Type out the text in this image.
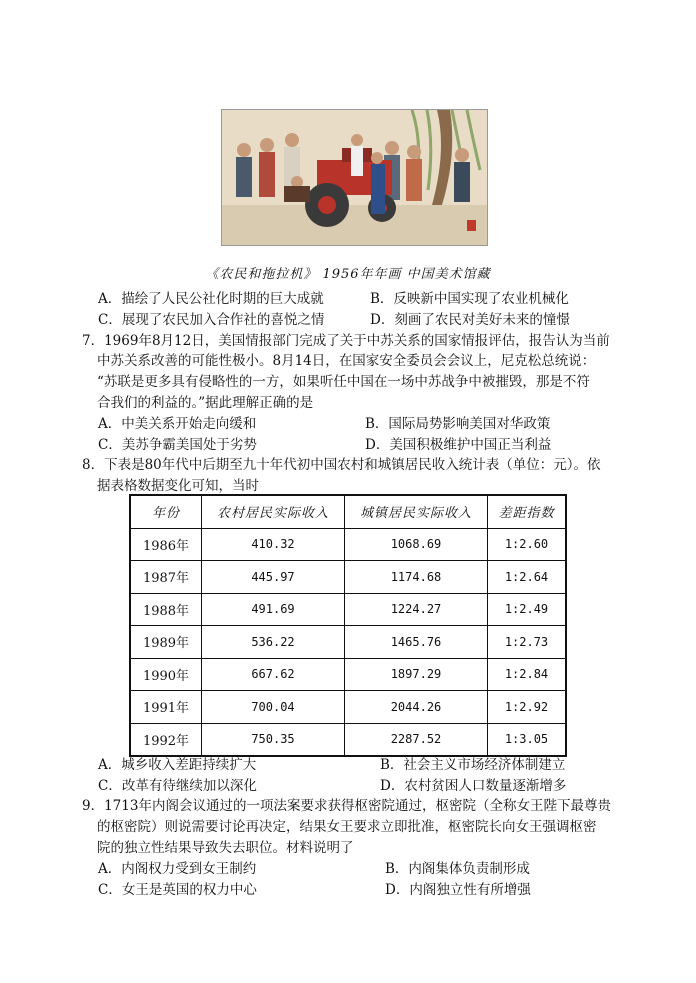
《农民和拖拉机》 1956年年画 中国美术馆藏
A．描绘了人民公社化时期的巨大成就	B．反映新中国实现了农业机械化
C．展现了农民加入合作社的喜悦之情	D．刻画了农民对美好未来的憧憬
7．1969年8月12日，美国情报部门完成了关于中苏关系的国家情报评估，报告认为当前
中苏关系改善的可能性极小。8月14日，在国家安全委员会会议上，尼克松总统说：
“苏联是更多具有侵略性的一方，如果听任中国在一场中苏战争中被摧毁，那是不符
合我们的利益的。”据此理解正确的是
A．中美关系开始走向缓和	B．国际局势影响美国对华政策
C．美苏争霸美国处于劣势	D．美国积极维护中国正当利益
8．下表是80年代中后期至九十年代初中国农村和城镇居民收入统计表（单位：元）。依
据表格数据变化可知，当时
年份	农村居民实际收入	城镇居民实际收入	差距指数
1986年	410.32	1068.69	1:2.60
1987年	445.97	1174.68	1:2.64
1988年	491.69	1224.27	1:2.49
1989年	536.22	1465.76	1:2.73
1990年	667.62	1897.29	1:2.84
1991年	700.04	2044.26	1:2.92
1992年	750.35	2287.52	1:3.05
A．城乡收入差距持续扩大	B．社会主义市场经济体制建立
C．改革有待继续加以深化	D．农村贫困人口数量逐渐增多
9．1713年内阁会议通过的一项法案要求获得枢密院通过，枢密院（全称女王陛下最尊贵
的枢密院）则说需要讨论再决定，结果女王要求立即批准，枢密院长向女王强调枢密
院的独立性结果导致失去职位。材料说明了
A．内阁权力受到女王制约	B．内阁集体负责制形成
C．女王是英国的权力中心	D．内阁独立性有所增强
